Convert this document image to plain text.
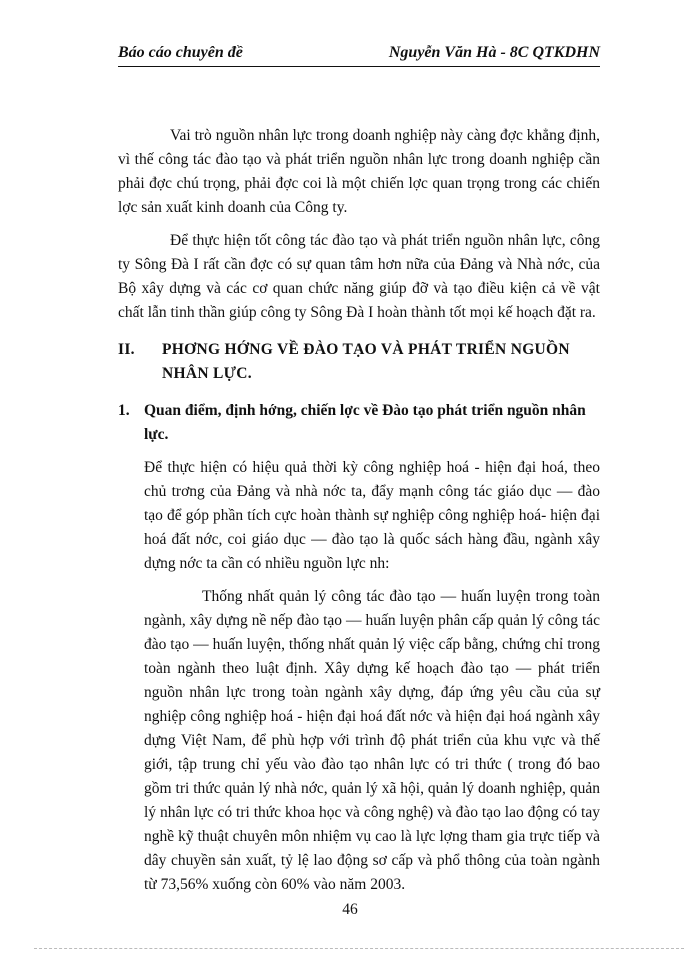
Báo cáo chuyên đề	Nguyễn Văn Hà - 8C QTKDHN

Vai trò nguồn nhân lực trong doanh nghiệp này càng đợc khẳng định, vì thế công tác đào tạo và phát triển nguồn nhân lực trong doanh nghiệp cần phải đợc chú trọng, phải đợc coi là một chiến lợc quan trọng trong các chiến lợc sản xuất kinh doanh của Công ty.

Để thực hiện tốt công tác đào tạo và phát triển nguồn nhân lực, công ty Sông Đà I rất cần đợc có sự quan tâm hơn nữa của Đảng và Nhà nớc, của Bộ xây dựng và các cơ quan chức năng giúp đỡ và tạo điều kiện cả về vật chất lẫn tinh thần giúp công ty Sông Đà I hoàn thành tốt mọi kế hoạch đặt ra.

II.	PHƠNG HỚNG VỀ ĐÀO TẠO VÀ PHÁT TRIỂN NGUỒN NHÂN LỰC.
1. Quan điểm, định hớng, chiến lợc về Đào tạo phát triển nguồn nhân lực.

Để thực hiện có hiệu quả thời kỳ công nghiệp hoá - hiện đại hoá, theo chủ trơng của Đảng và nhà nớc ta, đẩy mạnh công tác giáo dục — đào tạo để góp phần tích cực hoàn thành sự nghiệp công nghiệp hoá- hiện đại hoá đất nớc, coi giáo dục — đào tạo là quốc sách hàng đầu, ngành xây dựng nớc ta cần có nhiều nguồn lực nh:

Thống nhất quản lý công tác đào tạo — huấn luyện trong toàn ngành, xây dựng nề nếp đào tạo — huấn luyện phân cấp quản lý công tác đào tạo — huấn luyện, thống nhất quản lý việc cấp bằng, chứng chỉ trong toàn ngành theo luật định. Xây dựng kế hoạch đào tạo — phát triển nguồn nhân lực trong toàn ngành xây dựng, đáp ứng yêu cầu của sự nghiệp công nghiệp hoá - hiện đại hoá đất nớc và hiện đại hoá ngành xây dựng Việt Nam, để phù hợp với trình độ phát triển của khu vực và thế giới, tập trung chỉ yếu vào đào tạo nhân lực có tri thức ( trong đó bao gồm tri thức quản lý nhà nớc, quản lý xã hội, quản lý doanh nghiệp, quản lý nhân lực có tri thức khoa học và công nghệ) và đào tạo lao động có tay nghề kỹ thuật chuyên môn nhiệm vụ cao là lực lợng tham gia trực tiếp và dây chuyền sản xuất, tỷ lệ lao động sơ cấp và phổ thông của toàn ngành từ 73,56% xuống còn 60% vào năm 2003.

46
